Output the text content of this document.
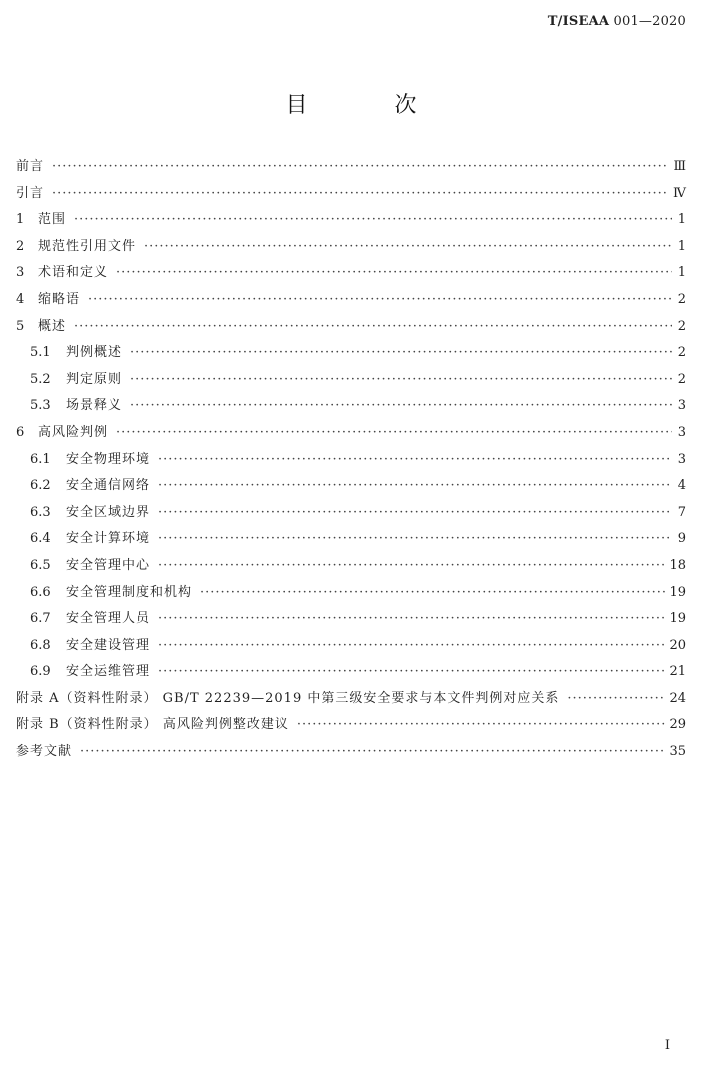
T/ISEAA 001—2020
目 次
前言 ·····	Ⅲ
引言 ·····	Ⅳ
1	范围 ·····	1
2	规范性引用文件 ·····	1
3	术语和定义 ·····	1
4	缩略语 ·····	2
5	概述 ·····	2
5.1	判例概述 ·····	2
5.2	判定原则 ·····	2
5.3	场景释义 ·····	3
6	高风险判例 ·····	3
6.1	安全物理环境 ·····	3
6.2	安全通信网络 ·····	4
6.3	安全区域边界 ·····	7
6.4	安全计算环境 ·····	9
6.5	安全管理中心 ·····	18
6.6	安全管理制度和机构 ·····	19
6.7	安全管理人员 ·····	19
6.8	安全建设管理 ·····	20
6.9	安全运维管理 ·····	21
附录 A（资料性附录） GB/T 22239—2019 中第三级安全要求与本文件判例对应关系 ·····	24
附录 B（资料性附录） 高风险判例整改建议 ·····	29
参考文献 ·····	35
I
